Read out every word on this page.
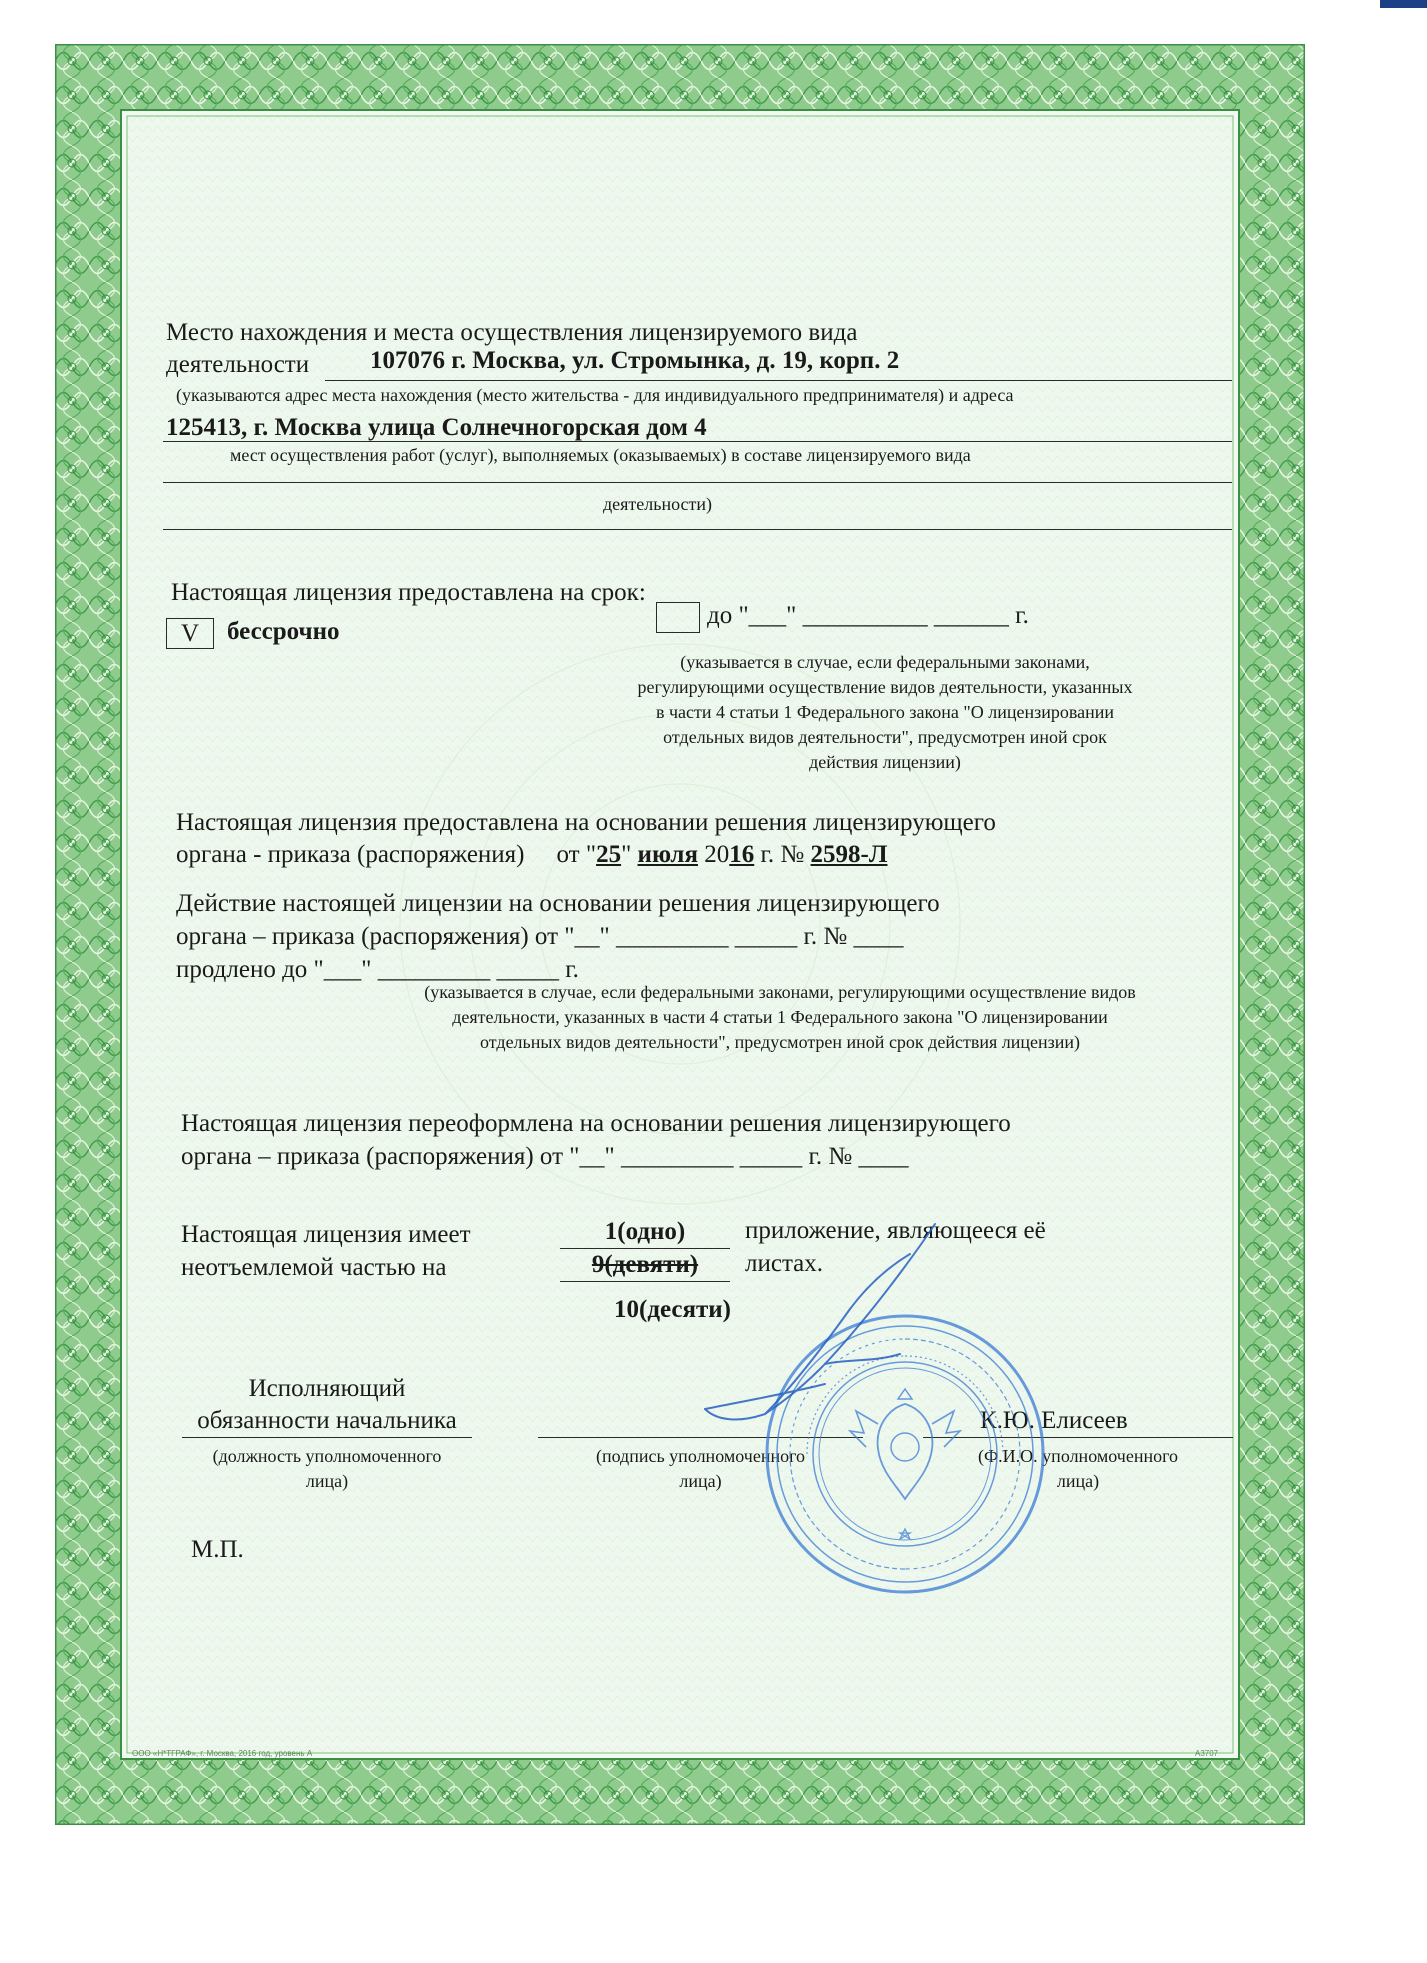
Место нахождения и места осуществления лицензируемого вида
деятельности 107076 г. Москва, ул. Стромынка, д. 19, корп. 2
(указываются адрес места нахождения (место жительства - для индивидуального предпринимателя) и адреса
125413, г. Москва улица Солнечногорская дом 4
мест осуществления работ (услуг), выполняемых (оказываемых) в составе лицензируемого вида
деятельности)
Настоящая лицензия предоставлена на срок:
до "___" __________ ______ г.
V	бессрочно
(указывается в случае, если федеральными законами,
регулирующими осуществление видов деятельности, указанных
в части 4 статьи 1 Федерального закона "О лицензировании
отдельных видов деятельности", предусмотрен иной срок
действия лицензии)
Настоящая лицензия предоставлена на основании решения лицензирующего
органа - приказа (распоряжения) от "25" июля 2016 г. № 2598-Л
Действие настоящей лицензии на основании решения лицензирующего
органа – приказа (распоряжения) от "__" _________ _____ г. № ____
продлено до "___" _________ _____ г.
(указывается в случае, если федеральными законами, регулирующими осуществление видов
деятельности, указанных в части 4 статьи 1 Федерального закона "О лицензировании
отдельных видов деятельности", предусмотрен иной срок действия лицензии)
Настоящая лицензия переоформлена на основании решения лицензирующего
органа – приказа (распоряжения) от "__" _________ _____ г. № ____
Настоящая лицензия имеет
неотъемлемой частью на
1(одно)
9(девяти)
приложение, являющееся её
листах.
10(десяти)
Исполняющий
обязанности начальника
(должность уполномоченного
лица)
(подпись уполномоченного
лица)
К.Ю. Елисеев
(Ф.И.О. уполномоченного
лица)
М.П.
ООО «Н*ТГРАФ», г. Москва, 2016 год, уровень А	А3707
